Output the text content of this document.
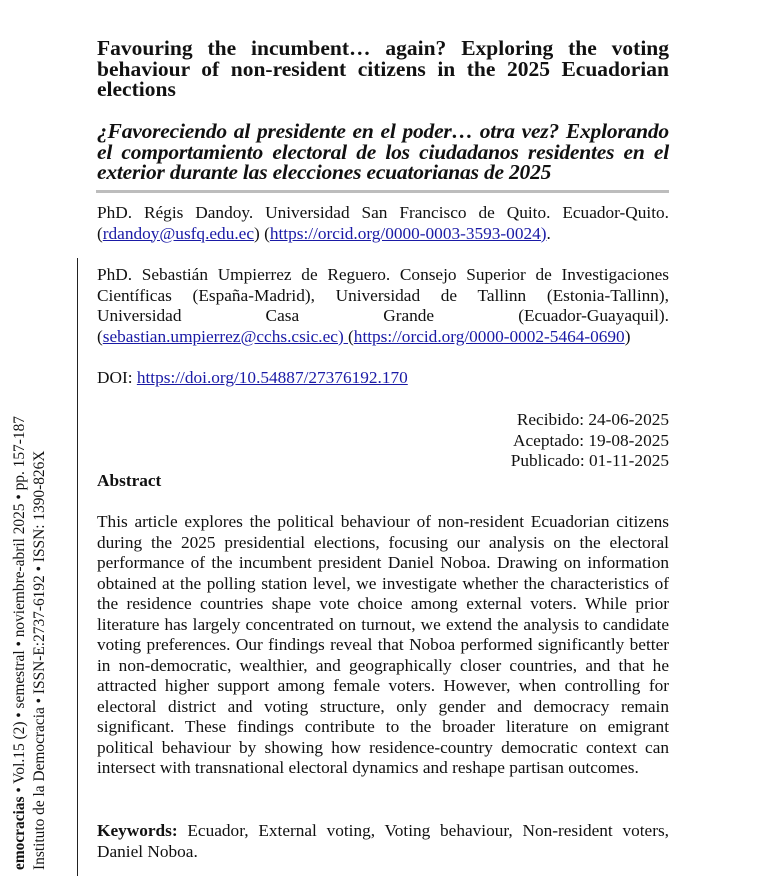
Favouring the incumbent… again? Exploring the voting behaviour of non-resident citizens in the 2025 Ecuadorian elections
¿Favoreciendo al presidente en el poder… otra vez? Explorando el comportamiento electoral de los ciudadanos residentes en el exterior durante las elecciones ecuatorianas de 2025

PhD. Régis Dandoy. Universidad San Francisco de Quito. Ecuador-Quito. (rdandoy@usfq.edu.ec) (https://orcid.org/0000-0003-3593-0024).

PhD. Sebastián Umpierrez de Reguero. Consejo Superior de Investigaciones Científicas (España-Madrid), Universidad de Tallinn (Estonia-Tallinn), Universidad Casa Grande (Ecuador-Guayaquil). (sebastian.umpierrez@cchs.csic.ec) (https://orcid.org/0000-0002-5464-0690)

DOI: https://doi.org/10.54887/27376192.170

Recibido: 24-06-2025
Aceptado: 19-08-2025
Publicado: 01-11-2025
Abstract

This article explores the political behaviour of non-resident Ecuadorian citizens during the 2025 presidential elections, focusing our analysis on the electoral performance of the incumbent president Daniel Noboa. Drawing on information obtained at the polling station level, we investigate whether the characteristics of the residence countries shape vote choice among external voters. While prior literature has largely concentrated on turnout, we extend the analysis to candidate voting preferences. Our findings reveal that Noboa performed significantly better in non-democratic, wealthier, and geographically closer countries, and that he attracted higher support among female voters. However, when controlling for electoral district and voting structure, only gender and democracy remain significant. These findings contribute to the broader literature on emigrant political behaviour by showing how residence-country democratic context can intersect with transnational electoral dynamics and reshape partisan outcomes.

Keywords: Ecuador, External voting, Voting behaviour, Non-resident voters, Daniel Noboa.

emocracias • Vol.15 (2) • semestral • noviembre-abril 2025 • pp. 157-187 Instituto de la Democracia • ISSN-E:2737-6192 • ISSN: 1390-826X
